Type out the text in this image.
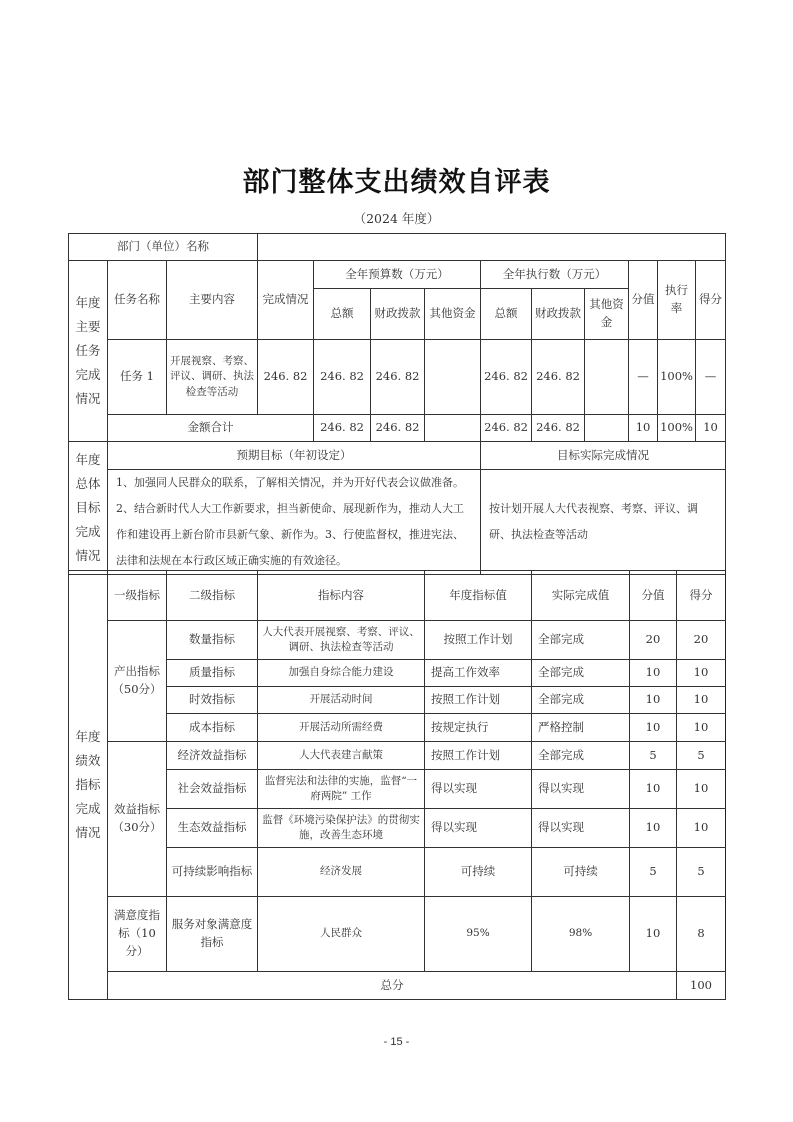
部门整体支出绩效自评表
（2024 年度）
部门（单位）名称												
年度主要任务完成情况	任务名称	主要内容	完成情况	全年预算数（万元）			全年执行数（万元）			分值	执行率	得分
				总额	财政拨款	其他资金	总额	财政拨款	其他资金			
	任务 1	开展视察、考察、评议、调研、执法检查等活动	246. 82	246. 82	246. 82		246. 82	246. 82		—	100%	—
	金额合计			246. 82	246. 82		246. 82	246. 82		10	100%	10
年度总体目标完成情况	预期目标（年初设定）	目标实际完成情况
	1、加强同人民群众的联系，了解相关情况，并为开好代表会议做准备。2、结合新时代人大工作新要求，担当新使命、展现新作为，推动人大工作和建设再上新台阶市县新气象、新作为。3、行使监督权，推进宪法、法律和法规在本行政区域正确实施的有效途径。	按计划开展人大代表视察、考察、评议、调研、执法检查等活动
年度绩效指标完成情况	一级指标	二级指标	指标内容	年度指标值	实际完成值	分值	得分	
	产出指标（50分）	数量指标	人大代表开展视察、考察、评议、调研、执法检查等活动	按照工作计划	全部完成	20	20	
		质量指标	加强自身综合能力建设	提高工作效率	全部完成	10	10	
		时效指标	开展活动时间	按照工作计划	全部完成	10	10	
		成本指标	开展活动所需经费	按规定执行	严格控制	10	10	
	效益指标（30分）	经济效益指标	人大代表建言献策	按照工作计划	全部完成	5	5	
		社会效益指标	监督宪法和法律的实施，监督“一府两院” 工作	得以实现	得以实现	10	10	
		生态效益指标	监督《环境污染保护法》的贯彻实施，改善生态环境	得以实现	得以实现	10	10	
		可持续影响指标	经济发展	可持续	可持续	5	5	
	满意度指标（10分）	服务对象满意度指标	人民群众	95%	98%	10	8	
	总分						100	
- 15 -
